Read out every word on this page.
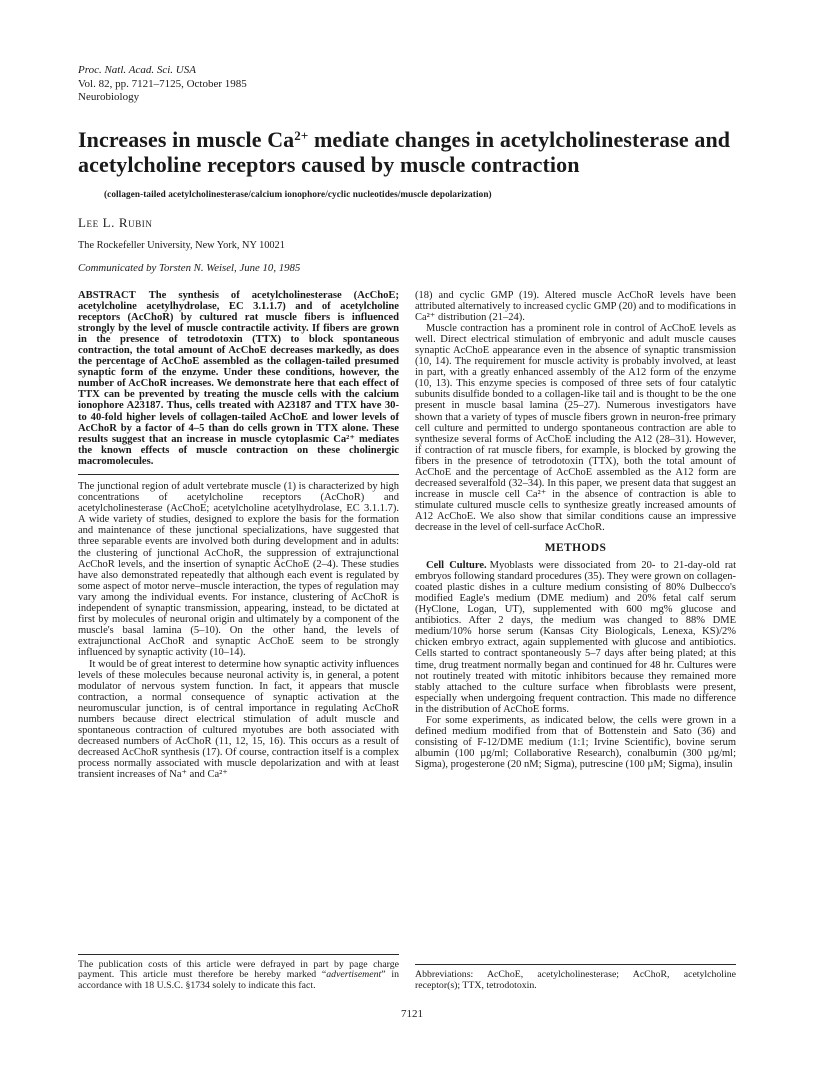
Proc. Natl. Acad. Sci. USA
Vol. 82, pp. 7121–7125, October 1985
Neurobiology
Increases in muscle $Ca^{2+}$ mediate changes in acetylcholinesterase and acetylcholine receptors caused by muscle contraction
(collagen-tailed acetylcholinesterase/calcium ionophore/cyclic nucleotides/muscle depolarization)
Lee L. Rubin
The Rockefeller University, New York, NY 10021
Communicated by Torsten N. Weisel, June 10, 1985

ABSTRACT The synthesis of acetylcholinesterase (AcChoE; acetylcholine acetylhydrolase, EC 3.1.1.7) and of acetylcholine receptors (AcChoR) by cultured rat muscle fibers is influenced strongly by the level of muscle contractile activity. If fibers are grown in the presence of tetrodotoxin (TTX) to block spontaneous contraction, the total amount of AcChoE decreases markedly, as does the percentage of AcChoE assembled as the collagen-tailed presumed synaptic form of the enzyme. Under these conditions, however, the number of AcChoR increases. We demonstrate here that each effect of TTX can be prevented by treating the muscle cells with the calcium ionophore A23187. Thus, cells treated with A23187 and TTX have 30- to 40-fold higher levels of collagen-tailed AcChoE and lower levels of AcChoR by a factor of 4–5 than do cells grown in TTX alone. These results suggest that an increase in muscle cytoplasmic Ca²⁺ mediates the known effects of muscle contraction on these cholinergic macromolecules.

The junctional region of adult vertebrate muscle (1) is characterized by high concentrations of acetylcholine receptors (AcChoR) and acetylcholinesterase (AcChoE; acetylcholine acetylhydrolase, EC 3.1.1.7). A wide variety of studies, designed to explore the basis for the formation and maintenance of these junctional specializations, have suggested that three separable events are involved both during development and in adults: the clustering of junctional AcChoR, the suppression of extrajunctional AcChoR levels, and the insertion of synaptic AcChoE (2–4). These studies have also demonstrated repeatedly that although each event is regulated by some aspect of motor nerve–muscle interaction, the types of regulation may vary among the individual events. For instance, clustering of AcChoR is independent of synaptic transmission, appearing, instead, to be dictated at first by molecules of neuronal origin and ultimately by a component of the muscle's basal lamina (5–10). On the other hand, the levels of extrajunctional AcChoR and synaptic AcChoE seem to be strongly influenced by synaptic activity (10–14).

It would be of great interest to determine how synaptic activity influences levels of these molecules because neuronal activity is, in general, a potent modulator of nervous system function. In fact, it appears that muscle contraction, a normal consequence of synaptic activation at the neuromuscular junction, is of central importance in regulating AcChoR numbers because direct electrical stimulation of adult muscle and spontaneous contraction of cultured myotubes are both associated with decreased numbers of AcChoR (11, 12, 15, 16). This occurs as a result of decreased AcChoR synthesis (17). Of course, contraction itself is a complex process normally associated with muscle depolarization and with at least transient increases of Na⁺ and Ca²⁺

The publication costs of this article were defrayed in part by page charge payment. This article must therefore be hereby marked “advertisement” in accordance with 18 U.S.C. §1734 solely to indicate this fact.

(18) and cyclic GMP (19). Altered muscle AcChoR levels have been attributed alternatively to increased cyclic GMP (20) and to modifications in Ca²⁺ distribution (21–24).

Muscle contraction has a prominent role in control of AcChoE levels as well. Direct electrical stimulation of embryonic and adult muscle causes synaptic AcChoE appearance even in the absence of synaptic transmission (10, 14). The requirement for muscle activity is probably involved, at least in part, with a greatly enhanced assembly of the A12 form of the enzyme (10, 13). This enzyme species is composed of three sets of four catalytic subunits disulfide bonded to a collagen-like tail and is thought to be the one present in muscle basal lamina (25–27). Numerous investigators have shown that a variety of types of muscle fibers grown in neuron-free primary cell culture and permitted to undergo spontaneous contraction are able to synthesize several forms of AcChoE including the A12 (28–31). However, if contraction of rat muscle fibers, for example, is blocked by growing the fibers in the presence of tetrodotoxin (TTX), both the total amount of AcChoE and the percentage of AcChoE assembled as the A12 form are decreased severalfold (32–34). In this paper, we present data that suggest an increase in muscle cell Ca²⁺ in the absence of contraction is able to stimulate cultured muscle cells to synthesize greatly increased amounts of A12 AcChoE. We also show that similar conditions cause an impressive decrease in the level of cell-surface AcChoR.

METHODS

Cell Culture. Myoblasts were dissociated from 20- to 21-day-old rat embryos following standard procedures (35). They were grown on collagen-coated plastic dishes in a culture medium consisting of 80% Dulbecco's modified Eagle's medium (DME medium) and 20% fetal calf serum (HyClone, Logan, UT), supplemented with 600 mg% glucose and antibiotics. After 2 days, the medium was changed to 88% DME medium/10% horse serum (Kansas City Biologicals, Lenexa, KS)/2% chicken embryo extract, again supplemented with glucose and antibiotics. Cells started to contract spontaneously 5–7 days after being plated; at this time, drug treatment normally began and continued for 48 hr. Cultures were not routinely treated with mitotic inhibitors because they remained more stably attached to the culture surface when fibroblasts were present, especially when undergoing frequent contraction. This made no difference in the distribution of AcChoE forms.

For some experiments, as indicated below, the cells were grown in a defined medium modified from that of Bottenstein and Sato (36) and consisting of F-12/DME medium (1:1; Irvine Scientific), bovine serum albumin (100 µg/ml; Collaborative Research), conalbumin (300 µg/ml; Sigma), progesterone (20 nM; Sigma), putrescine (100 µM; Sigma), insulin

Abbreviations: AcChoE, acetylcholinesterase; AcChoR, acetylcholine receptor(s); TTX, tetrodotoxin.

7121
